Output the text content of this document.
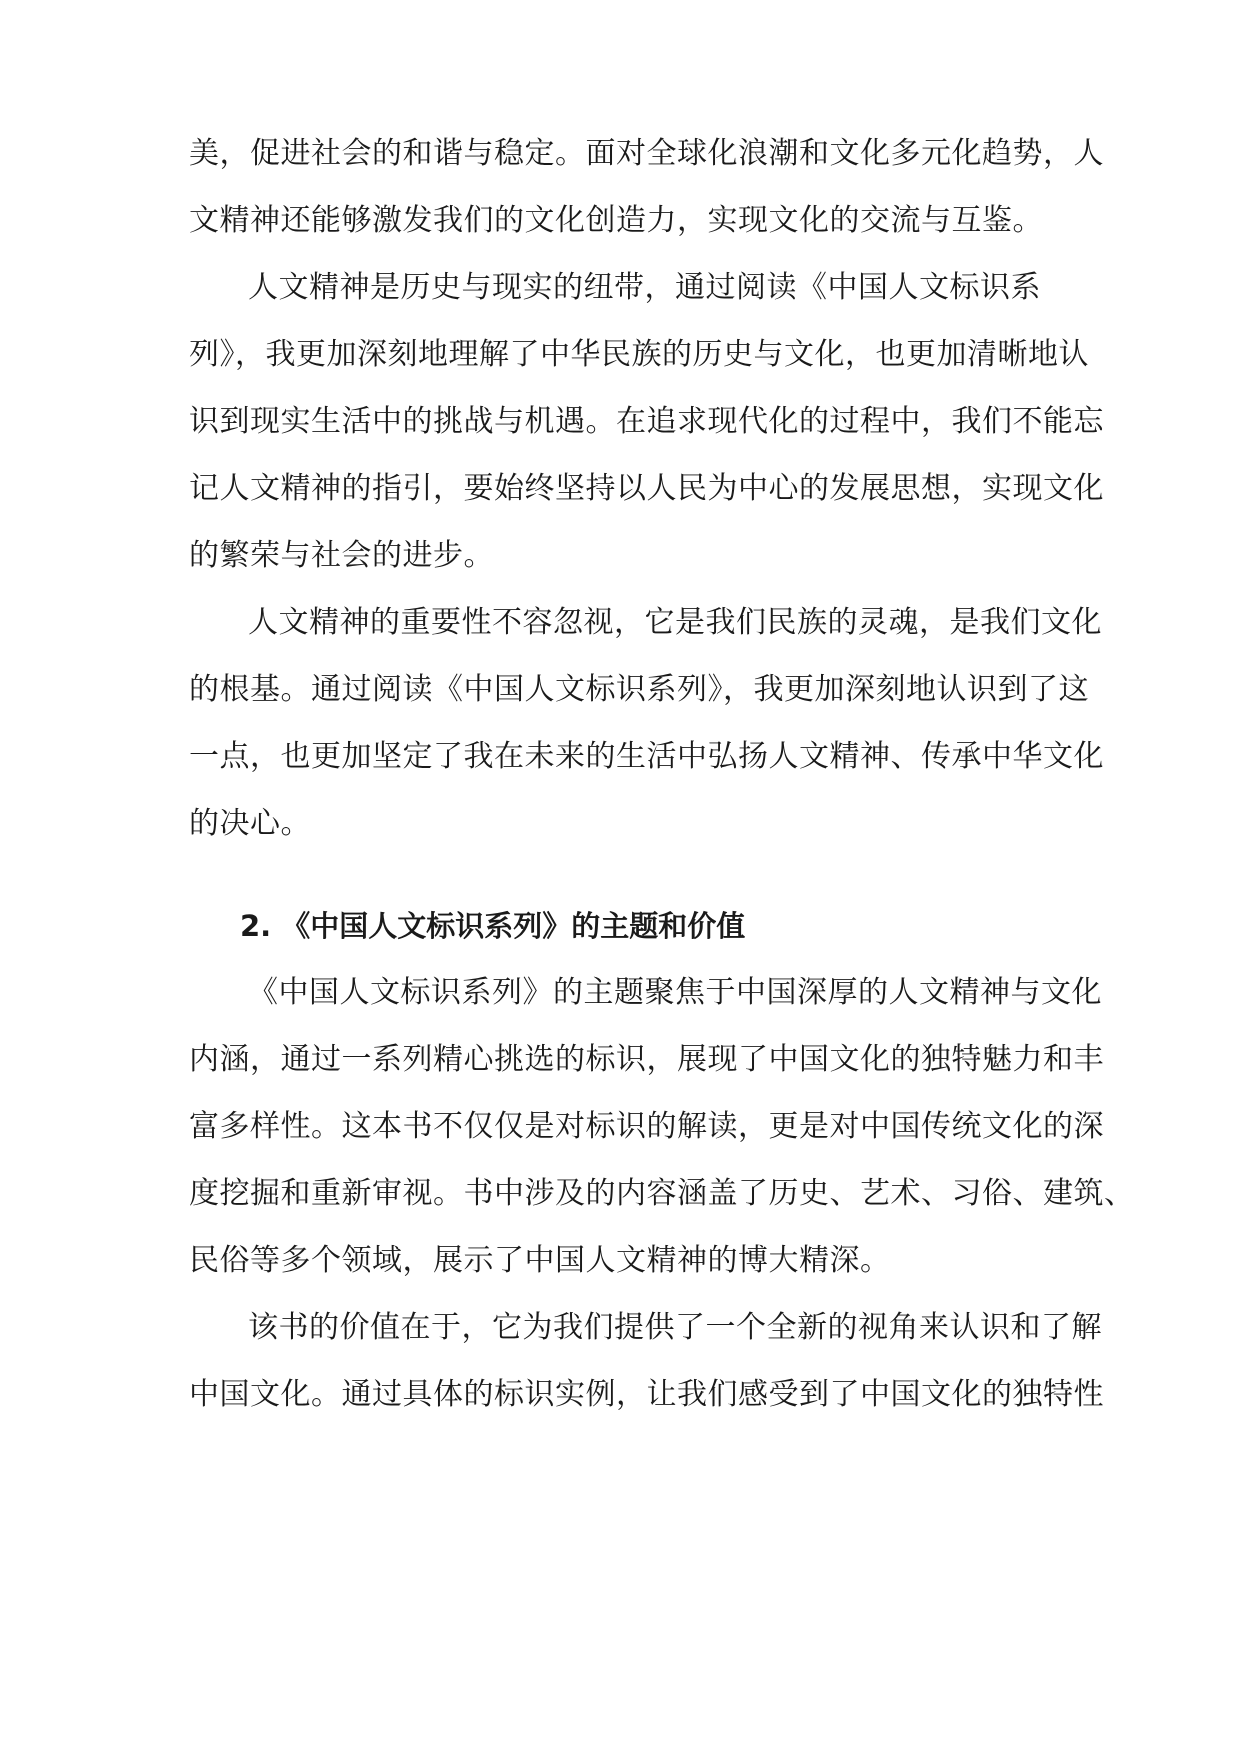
美，促进社会的和谐与稳定。面对全球化浪潮和文化多元化趋势，人
文精神还能够激发我们的文化创造力，实现文化的交流与互鉴。
人文精神是历史与现实的纽带，通过阅读《中国人文标识系
列》，我更加深刻地理解了中华民族的历史与文化，也更加清晰地认
识到现实生活中的挑战与机遇。在追求现代化的过程中，我们不能忘
记人文精神的指引，要始终坚持以人民为中心的发展思想，实现文化
的繁荣与社会的进步。
人文精神的重要性不容忽视，它是我们民族的灵魂，是我们文化
的根基。通过阅读《中国人文标识系列》，我更加深刻地认识到了这
一点，也更加坚定了我在未来的生活中弘扬人文精神、传承中华文化
的决心。
2. 《中国人文标识系列》的主题和价值
《中国人文标识系列》的主题聚焦于中国深厚的人文精神与文化
内涵，通过一系列精心挑选的标识，展现了中国文化的独特魅力和丰
富多样性。这本书不仅仅是对标识的解读，更是对中国传统文化的深
度挖掘和重新审视。书中涉及的内容涵盖了历史、艺术、习俗、建筑、
民俗等多个领域，展示了中国人文精神的博大精深。
该书的价值在于，它为我们提供了一个全新的视角来认识和了解
中国文化。通过具体的标识实例，让我们感受到了中国文化的独特性
